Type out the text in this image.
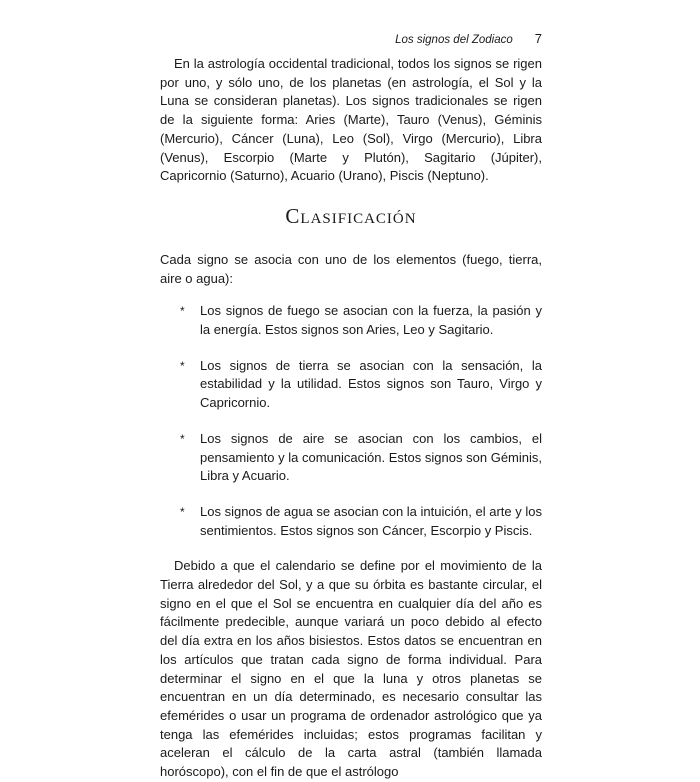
Los signos del Zodiaco 7

En la astrología occidental tradicional, todos los signos se rigen por uno, y sólo uno, de los planetas (en astrología, el Sol y la Luna se consideran planetas). Los signos tradicionales se rigen de la siguiente forma: Aries (Marte), Tauro (Venus), Géminis (Mercurio), Cáncer (Luna), Leo (Sol), Virgo (Mercurio), Libra (Venus), Escorpio (Marte y Plutón), Sagitario (Júpiter), Capricornio (Saturno), Acuario (Urano), Piscis (Neptuno).

Clasificación

Cada signo se asocia con uno de los elementos (fuego, tierra, aire o agua):

* Los signos de fuego se asocian con la fuerza, la pasión y la energía. Estos signos son Aries, Leo y Sagitario.
* Los signos de tierra se asocian con la sensación, la estabilidad y la utilidad. Estos signos son Tauro, Virgo y Capricornio.
* Los signos de aire se asocian con los cambios, el pensamiento y la comunicación. Estos signos son Géminis, Libra y Acuario.
* Los signos de agua se asocian con la intuición, el arte y los sentimientos. Estos signos son Cáncer, Escorpio y Piscis.

Debido a que el calendario se define por el movimiento de la Tierra alrededor del Sol, y a que su órbita es bastante circular, el signo en el que el Sol se encuentra en cualquier día del año es fácilmente predecible, aunque variará un poco debido al efecto del día extra en los años bisiestos. Estos datos se encuentran en los artículos que tratan cada signo de forma individual. Para determinar el signo en el que la luna y otros planetas se encuentran en un día determinado, es necesario consultar las efemérides o usar un programa de ordenador astrológico que ya tenga las efemérides incluidas; estos programas facilitan y aceleran el cálculo de la carta astral (también llamada horóscopo), con el fin de que el astrólogo
